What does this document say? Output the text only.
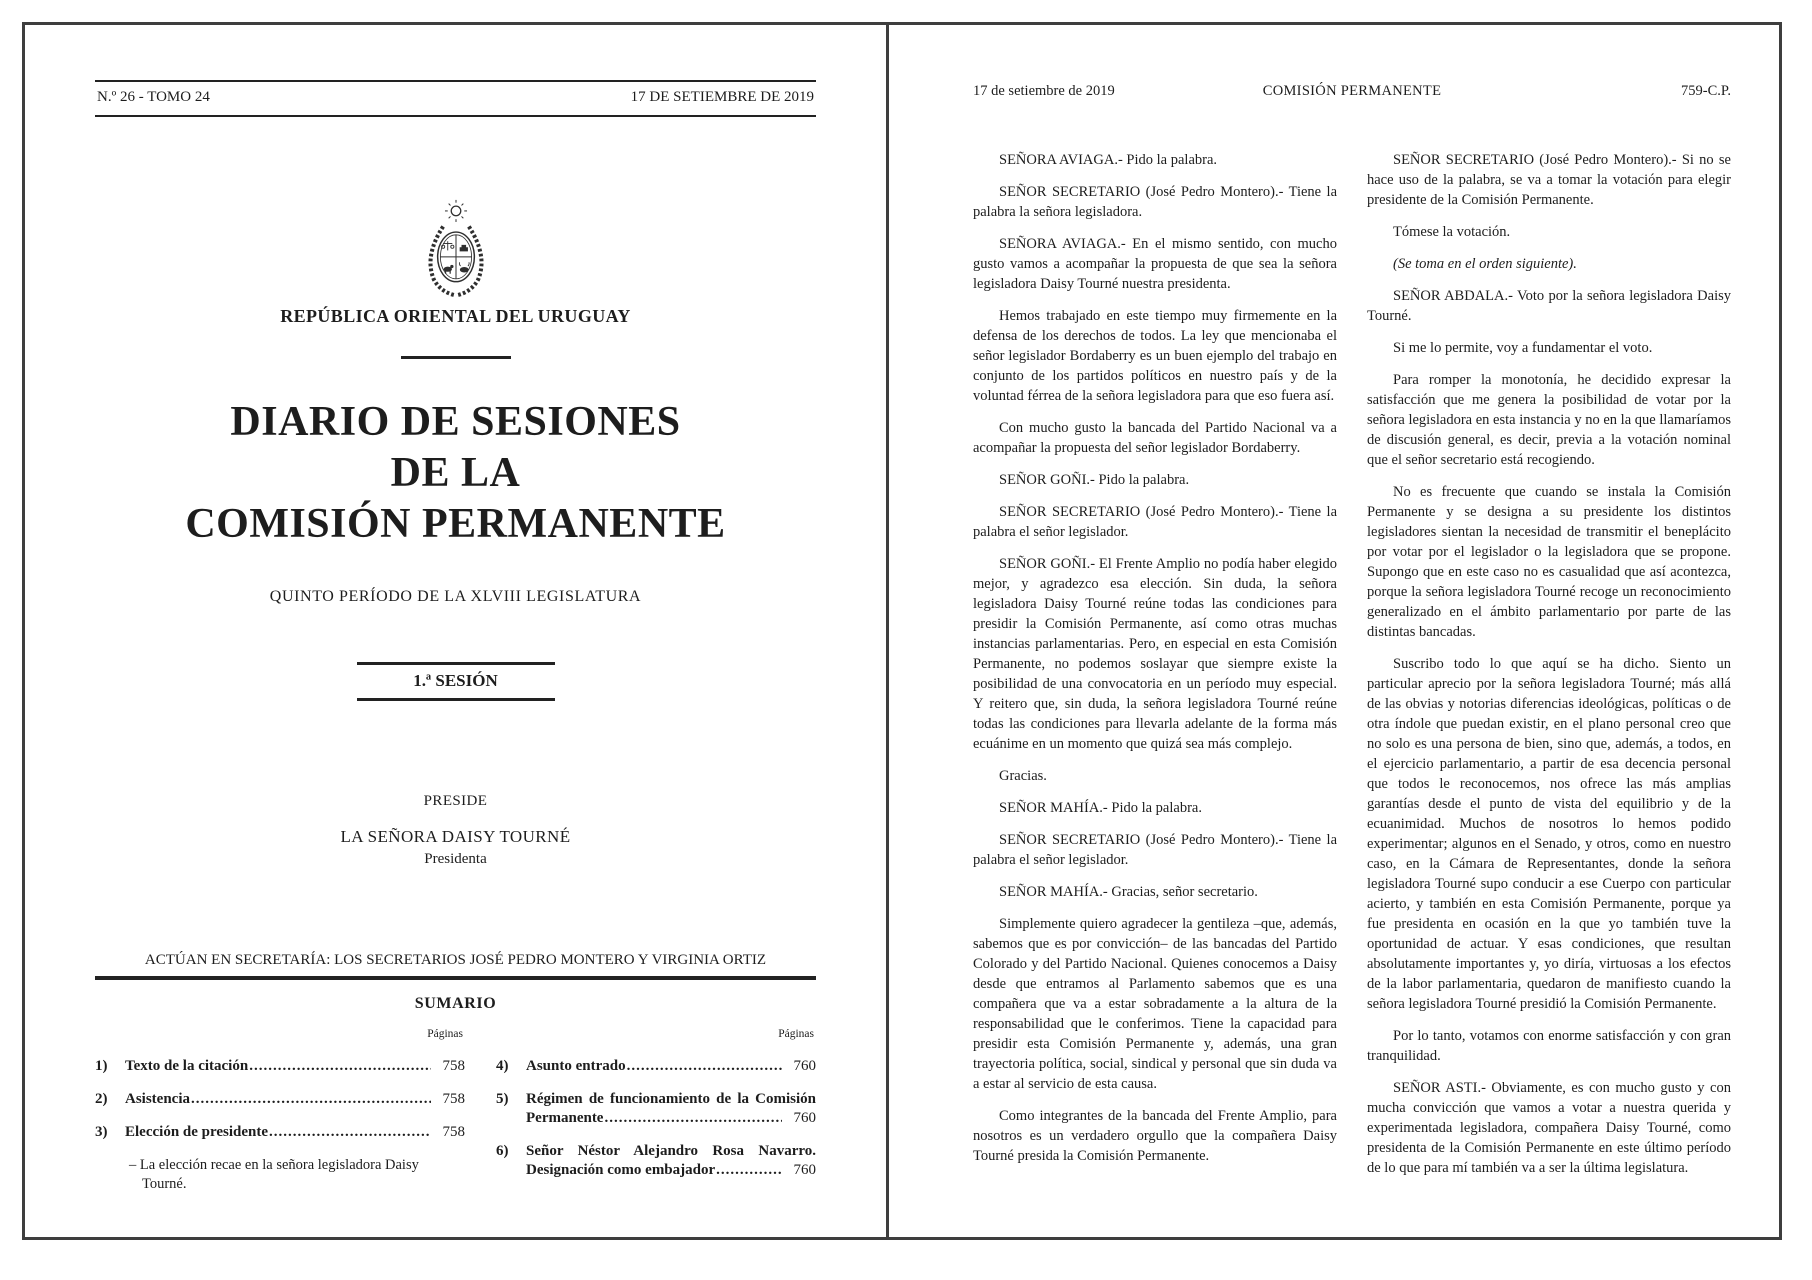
N.º 26 - TOMO 24	17 DE SETIEMBRE DE 2019
REPÚBLICA ORIENTAL DEL URUGUAY
DIARIO DE SESIONES
DE LA
COMISIÓN PERMANENTE
QUINTO PERÍODO DE LA XLVIII LEGISLATURA
1.ª SESIÓN
PRESIDE
LA SEÑORA DAISY TOURNÉ
Presidenta
ACTÚAN EN SECRETARÍA: LOS SECRETARIOS JOSÉ PEDRO MONTERO Y VIRGINIA ORTIZ
SUMARIO
Páginas
1)	Texto de la citación .....	758
2)	Asistencia .....	758
3)	Elección de presidente .....	758
– La elección recae en la señora legisladora Daisy Tourné.
Páginas
4)	Asunto entrado .....	760
5)	Régimen de funcionamiento de la Comisión
Permanente .....	760
6)	Señor Néstor Alejandro Rosa Navarro.
Designación como embajador .....	760
17 de setiembre de 2019	COMISIÓN PERMANENTE	759-C.P.

SEÑORA AVIAGA.- Pido la palabra.

SEÑOR SECRETARIO (José Pedro Montero).- Tiene la palabra la señora legisladora.

SEÑORA AVIAGA.- En el mismo sentido, con mucho gusto vamos a acompañar la propuesta de que sea la señora legisladora Daisy Tourné nuestra presidenta.

Hemos trabajado en este tiempo muy firmemente en la defensa de los derechos de todos. La ley que mencionaba el señor legislador Bordaberry es un buen ejemplo del trabajo en conjunto de los partidos políticos en nuestro país y de la voluntad férrea de la señora legisladora para que eso fuera así.

Con mucho gusto la bancada del Partido Nacional va a acompañar la propuesta del señor legislador Bordaberry.

SEÑOR GOÑI.- Pido la palabra.

SEÑOR SECRETARIO (José Pedro Montero).- Tiene la palabra el señor legislador.

SEÑOR GOÑI.- El Frente Amplio no podía haber elegido mejor, y agradezco esa elección. Sin duda, la señora legisladora Daisy Tourné reúne todas las condiciones para presidir la Comisión Permanente, así como otras muchas instancias parlamentarias. Pero, en especial en esta Comisión Permanente, no podemos soslayar que siempre existe la posibilidad de una convocatoria en un período muy especial. Y reitero que, sin duda, la señora legisladora Tourné reúne todas las condiciones para llevarla adelante de la forma más ecuánime en un momento que quizá sea más complejo.

Gracias.

SEÑOR MAHÍA.- Pido la palabra.

SEÑOR SECRETARIO (José Pedro Montero).- Tiene la palabra el señor legislador.

SEÑOR MAHÍA.- Gracias, señor secretario.

Simplemente quiero agradecer la gentileza –que, además, sabemos que es por convicción– de las bancadas del Partido Colorado y del Partido Nacional. Quienes conocemos a Daisy desde que entramos al Parlamento sabemos que es una compañera que va a estar sobradamente a la altura de la responsabilidad que le conferimos. Tiene la capacidad para presidir esta Comisión Permanente y, además, una gran trayectoria política, social, sindical y personal que sin duda va a estar al servicio de esta causa.

Como integrantes de la bancada del Frente Amplio, para nosotros es un verdadero orgullo que la compañera Daisy Tourné presida la Comisión Permanente.

SEÑOR SECRETARIO (José Pedro Montero).- Si no se hace uso de la palabra, se va a tomar la votación para elegir presidente de la Comisión Permanente.

Tómese la votación.

(Se toma en el orden siguiente).

SEÑOR ABDALA.- Voto por la señora legisladora Daisy Tourné.

Si me lo permite, voy a fundamentar el voto.

Para romper la monotonía, he decidido expresar la satisfacción que me genera la posibilidad de votar por la señora legisladora en esta instancia y no en la que llamaríamos de discusión general, es decir, previa a la votación nominal que el señor secretario está recogiendo.

No es frecuente que cuando se instala la Comisión Permanente y se designa a su presidente los distintos legisladores sientan la necesidad de transmitir el beneplácito por votar por el legislador o la legisladora que se propone. Supongo que en este caso no es casualidad que así acontezca, porque la señora legisladora Tourné recoge un reconocimiento generalizado en el ámbito parlamentario por parte de las distintas bancadas.

Suscribo todo lo que aquí se ha dicho. Siento un particular aprecio por la señora legisladora Tourné; más allá de las obvias y notorias diferencias ideológicas, políticas o de otra índole que puedan existir, en el plano personal creo que no solo es una persona de bien, sino que, además, a todos, en el ejercicio parlamentario, a partir de esa decencia personal que todos le reconocemos, nos ofrece las más amplias garantías desde el punto de vista del equilibrio y de la ecuanimidad. Muchos de nosotros lo hemos podido experimentar; algunos en el Senado, y otros, como en nuestro caso, en la Cámara de Representantes, donde la señora legisladora Tourné supo conducir a ese Cuerpo con particular acierto, y también en esta Comisión Permanente, porque ya fue presidenta en ocasión en la que yo también tuve la oportunidad de actuar. Y esas condiciones, que resultan absolutamente importantes y, yo diría, virtuosas a los efectos de la labor parlamentaria, quedaron de manifiesto cuando la señora legisladora Tourné presidió la Comisión Permanente.

Por lo tanto, votamos con enorme satisfacción y con gran tranquilidad.

SEÑOR ASTI.- Obviamente, es con mucho gusto y con mucha convicción que vamos a votar a nuestra querida y experimentada legisladora, compañera Daisy Tourné, como presidenta de la Comisión Permanente en este último período de lo que para mí también va a ser la última legislatura.
